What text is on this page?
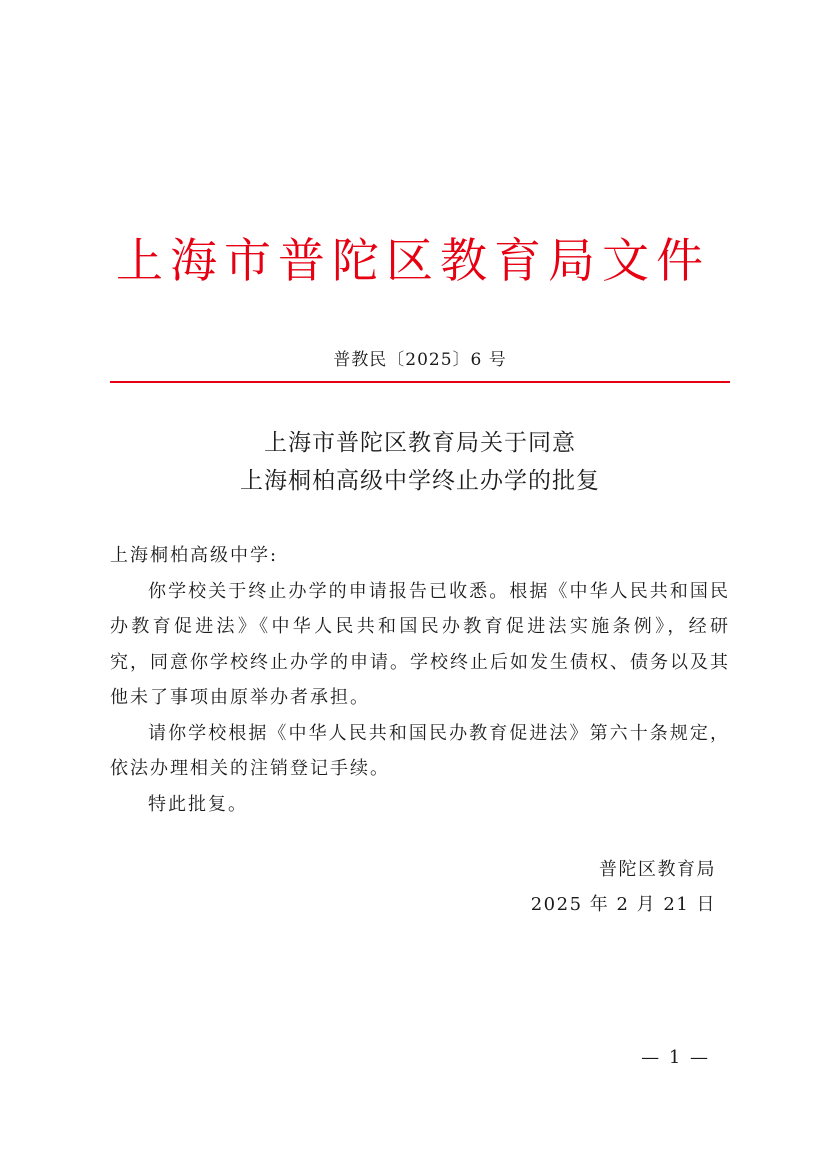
上海市普陀区教育局文件
普教民〔2025〕6 号
上海市普陀区教育局关于同意
上海桐柏高级中学终止办学的批复

上海桐柏高级中学:

你学校关于终止办学的申请报告已收悉。根据《中华人民共和国民办教育促进法》《中华人民共和国民办教育促进法实施条例》，经研究，同意你学校终止办学的申请。学校终止后如发生债权、债务以及其他未了事项由原举办者承担。

请你学校根据《中华人民共和国民办教育促进法》第六十条规定，依法办理相关的注销登记手续。

特此批复。

普陀区教育局
2025 年 2 月 21 日
— 1 —
